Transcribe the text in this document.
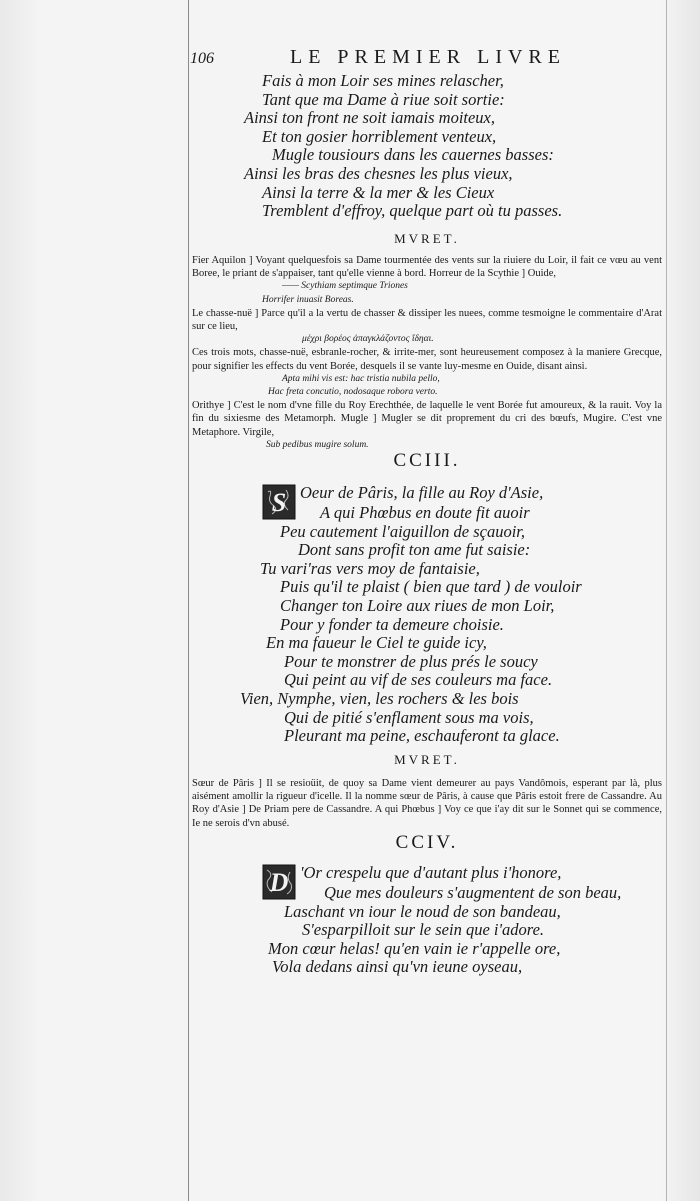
106	LE PREMIER LIVRE
Fais à mon Loir ses mines relascher,
Tant que ma Dame à riue soit sortie:
Ainsi ton front ne soit iamais moiteux,
Et ton gosier horriblement venteux,
Mugle tousiours dans les cauernes basses:
Ainsi les bras des chesnes les plus vieux,
Ainsi la terre & la mer & les Cieux
Tremblent d'effroy, quelque part où tu passes.
MVRET.

Fier Aquilon ] Voyant quelquesfois sa Dame tourmentée des vents sur la riuiere du Loir, il fait ce vœu au vent Boree, le priant de s'appaiser, tant qu'elle vienne à bord. Horreur de la Scythie ] Ouide,

—— Scythiam septimque Triones
Horrifer inuasit Boreas.

Le chasse-nuë ] Parce qu'il a la vertu de chasser & dissiper les nuees, comme tesmoigne le commentaire d'Arat sur ce lieu,

μέχρι βορέος ἀπαγκλάζοντος ἴδηαι.

Ces trois mots, chasse-nuë, esbranle-rocher, & irrite-mer, sont heureusement composez à la maniere Grecque, pour signifier les effects du vent Borée, desquels il se vante luy-mesme en Ouide, disant ainsi.

Apta mihi vis est: hac tristia nubila pello,
Hac freta concutio, nodosaque robora verto.

Orithye ] C'est le nom d'vne fille du Roy Erechthée, de laquelle le vent Borée fut amoureux, & la rauit. Voy la fin du sixiesme des Metamorph. Mugle ] Mugler se dit proprement du cri des bœufs, Mugire. C'est vne Metaphore. Virgile,

Sub pedibus mugire solum.
CCIII.
S Oeur de Pâris, la fille au Roy d'Asie,
A qui Phœbus en doute fit auoir
Peu cautement l'aiguillon de sçauoir,
Dont sans profit ton ame fut saisie:
Tu vari'ras vers moy de fantaisie,
Puis qu'il te plaist ( bien que tard ) de vouloir
Changer ton Loire aux riues de mon Loir,
Pour y fonder ta demeure choisie.
En ma faueur le Ciel te guide icy,
Pour te monstrer de plus prés le soucy
Qui peint au vif de ses couleurs ma face.
Vien, Nymphe, vien, les rochers & les bois
Qui de pitié s'enflament sous ma vois,
Pleurant ma peine, eschauferont ta glace.
MVRET.

Sœur de Pâris ] Il se resioüit, de quoy sa Dame vient demeurer au pays Vandômois, esperant par là, plus aisément amollir la rigueur d'icelle. Il la nomme sœur de Pâris, à cause que Pâris estoit frere de Cassandre. Au Roy d'Asie ] De Priam pere de Cassandre. A qui Phœbus ] Voy ce que i'ay dit sur le Sonnet qui se commence, Ie ne serois d'vn abusé.

CCIV.
D 'Or crespelu que d'autant plus i'honore,
Que mes douleurs s'augmentent de son beau,
Laschant vn iour le noud de son bandeau,
S'esparpilloit sur le sein que i'adore.
Mon cœur helas! qu'en vain ie r'appelle ore,
Vola dedans ainsi qu'vn ieune oyseau,
